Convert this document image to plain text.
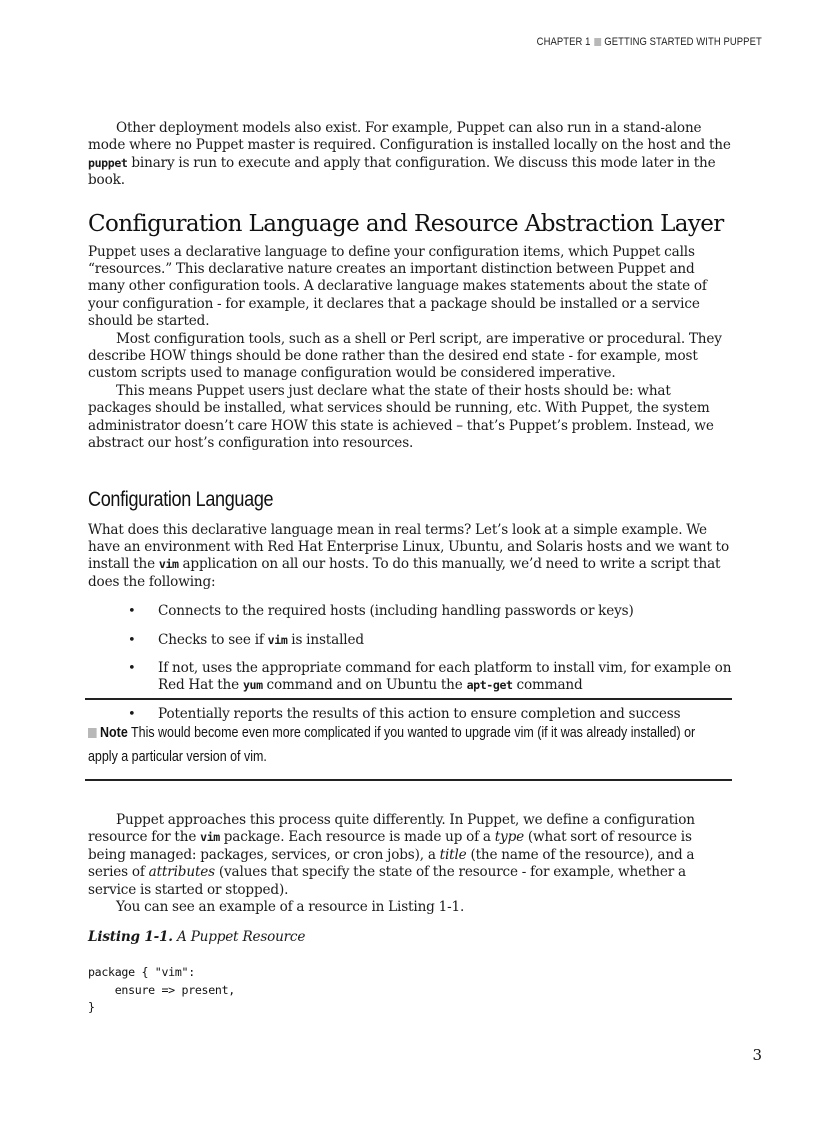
CHAPTER 1 GETTING STARTED WITH PUPPET

Other deployment models also exist. For example, Puppet can also run in a stand-alone mode where no Puppet master is required. Configuration is installed locally on the host and the puppet binary is run to execute and apply that configuration. We discuss this mode later in the book.

Configuration Language and Resource Abstraction Layer

Puppet uses a declarative language to define your configuration items, which Puppet calls “resources.” This declarative nature creates an important distinction between Puppet and many other configuration tools. A declarative language makes statements about the state of your configuration - for example, it declares that a package should be installed or a service should be started.

Most configuration tools, such as a shell or Perl script, are imperative or procedural. They describe HOW things should be done rather than the desired end state - for example, most custom scripts used to manage configuration would be considered imperative.

This means Puppet users just declare what the state of their hosts should be: what packages should be installed, what services should be running, etc. With Puppet, the system administrator doesn’t care HOW this state is achieved – that’s Puppet’s problem. Instead, we abstract our host’s configuration into resources.

Configuration Language

What does this declarative language mean in real terms? Let’s look at a simple example. We have an environment with Red Hat Enterprise Linux, Ubuntu, and Solaris hosts and we want to install the vim application on all our hosts. To do this manually, we’d need to write a script that does the following:

• Connects to the required hosts (including handling passwords or keys)
• Checks to see if vim is installed
• If not, uses the appropriate command for each platform to install vim, for example on Red Hat the yum command and on Ubuntu the apt-get command
• Potentially reports the results of this action to ensure completion and success
Note This would become even more complicated if you wanted to upgrade vim (if it was already installed) or apply a particular version of vim.

Puppet approaches this process quite differently. In Puppet, we define a configuration resource for the vim package. Each resource is made up of a type (what sort of resource is being managed: packages, services, or cron jobs), a title (the name of the resource), and a series of attributes (values that specify the state of the resource - for example, whether a service is started or stopped).

You can see an example of a resource in Listing 1-1.

Listing 1-1. A Puppet Resource

package { "vim":
ensure => present,
}
3
